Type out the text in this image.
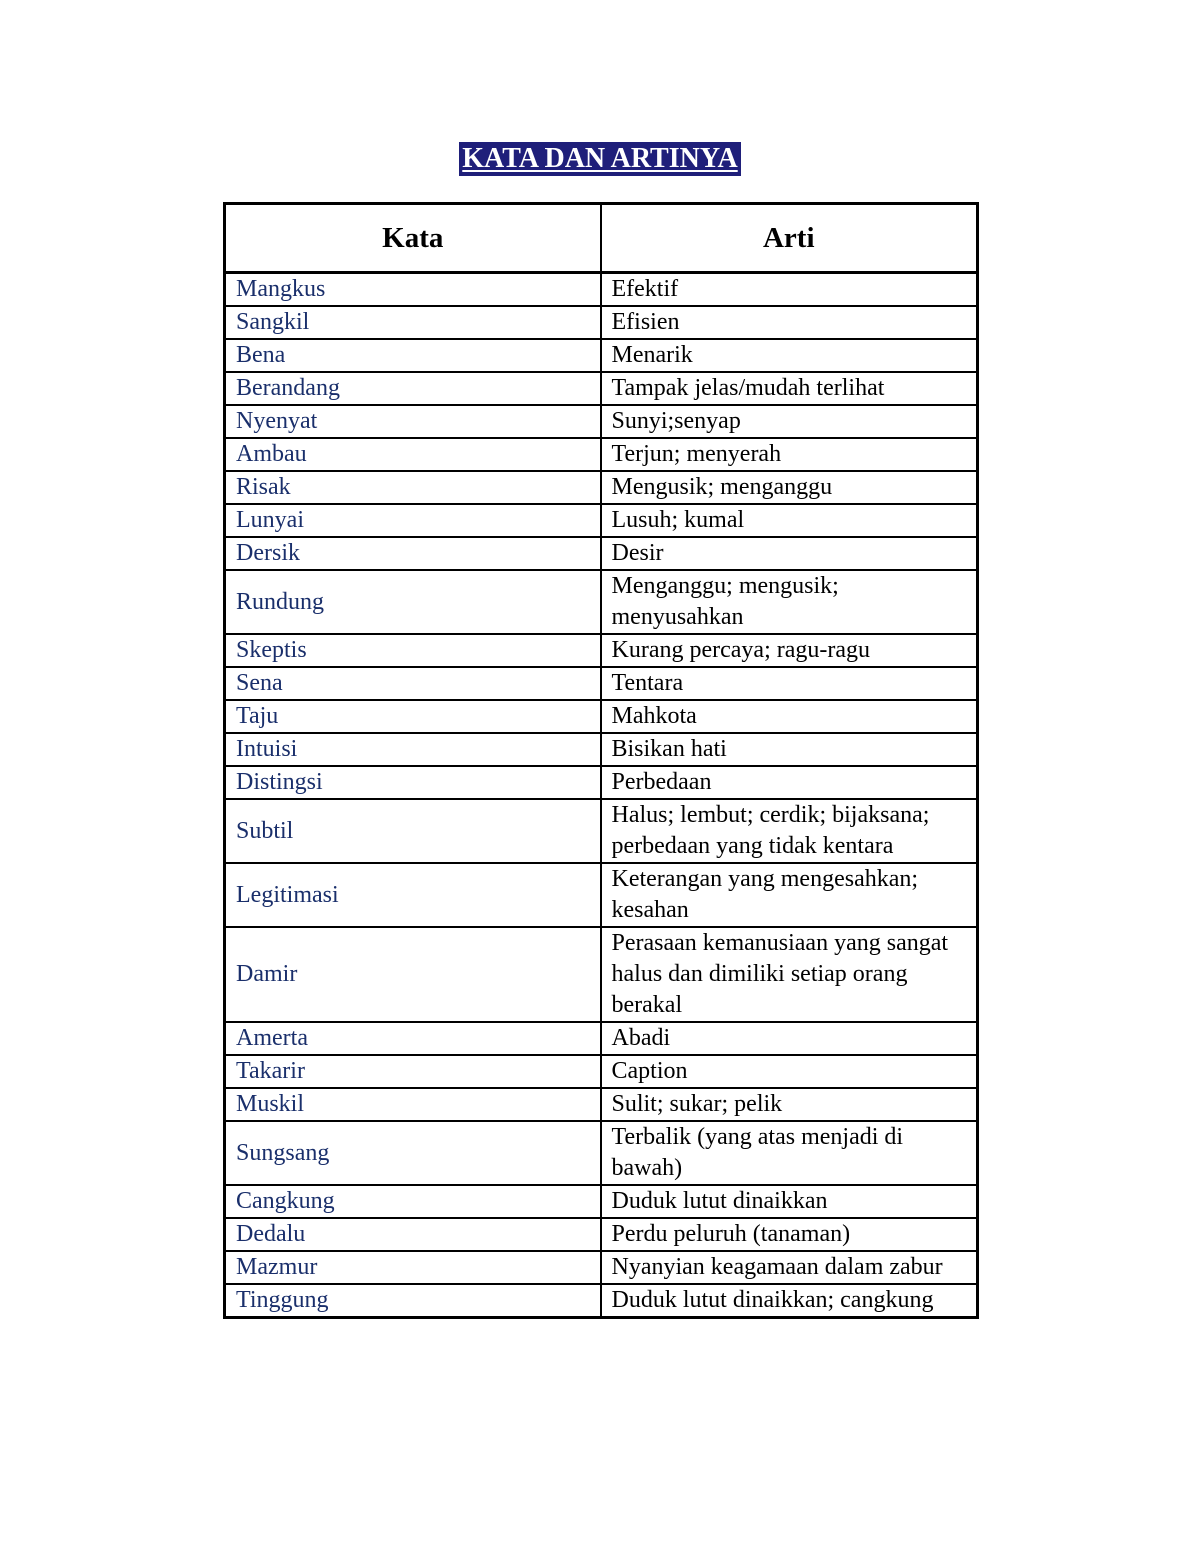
KATA DAN ARTINYA
Kata	Arti
Mangkus	Efektif
Sangkil	Efisien
Bena	Menarik
Berandang	Tampak jelas/mudah terlihat
Nyenyat	Sunyi;senyap
Ambau	Terjun; menyerah
Risak	Mengusik; menganggu
Lunyai	Lusuh; kumal
Dersik	Desir
Rundung	Menganggu; mengusik; menyusahkan
Skeptis	Kurang percaya; ragu-ragu
Sena	Tentara
Taju	Mahkota
Intuisi	Bisikan hati
Distingsi	Perbedaan
Subtil	Halus; lembut; cerdik; bijaksana; perbedaan yang tidak kentara
Legitimasi	Keterangan yang mengesahkan; kesahan
Damir	Perasaan kemanusiaan yang sangat halus dan dimiliki setiap orang berakal
Amerta	Abadi
Takarir	Caption
Muskil	Sulit; sukar; pelik
Sungsang	Terbalik (yang atas menjadi di bawah)
Cangkung	Duduk lutut dinaikkan
Dedalu	Perdu peluruh (tanaman)
Mazmur	Nyanyian keagamaan dalam zabur
Tinggung	Duduk lutut dinaikkan; cangkung
